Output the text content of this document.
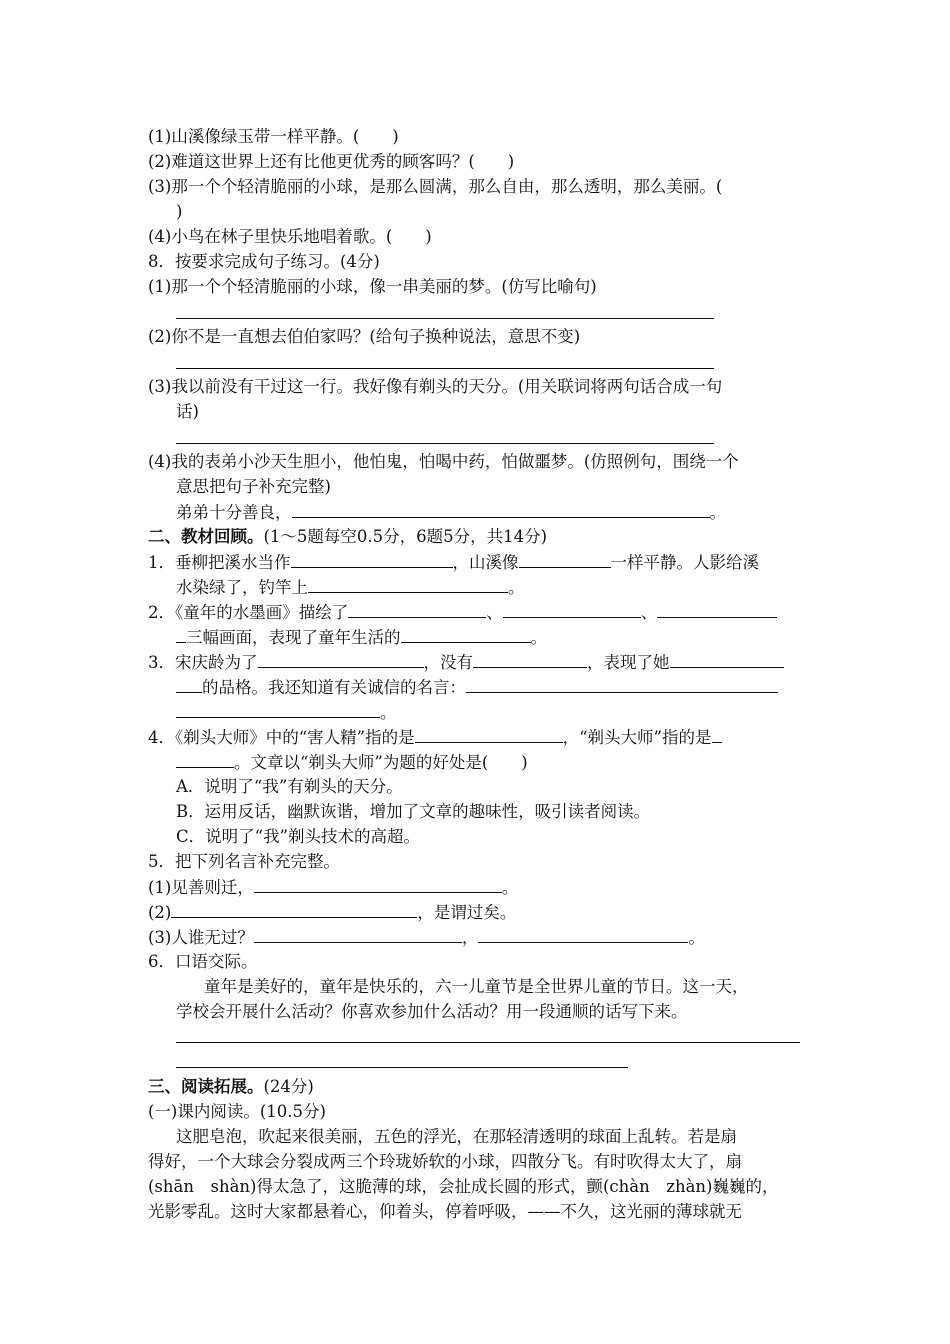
(1)山溪像绿玉带一样平静。(　　)
(2)难道这世界上还有比他更优秀的顾客吗？(　　)
(3)那一个个轻清脆丽的小球，是那么圆满，那么自由，那么透明，那么美丽。(
)
(4)小鸟在林子里快乐地唱着歌。(　　)
8．按要求完成句子练习。(4分)
(1)那一个个轻清脆丽的小球，像一串美丽的梦。(仿写比喻句)
(2)你不是一直想去伯伯家吗？(给句子换种说法，意思不变)
(3)我以前没有干过这一行。我好像有剃头的天分。(用关联词将两句话合成一句
话)
(4)我的表弟小沙天生胆小，他怕鬼，怕喝中药，怕做噩梦。(仿照例句，围绕一个
意思把句子补充完整)
弟弟十分善良，	。
二、教材回顾。(1～5题每空0.5分，6题5分，共14分)
1．垂柳把溪水当作	，山溪像	一样平静。人影给溪
水染绿了，钓竿上	。
2．《童年的水墨画》描绘了	、	、
三幅画面，表现了童年生活的	。
3．宋庆龄为了	，没有	，表现了她
的品格。我还知道有关诚信的名言：
。
4．《剃头大师》中的“害人精”指的是	，“剃头大师”指的是
。文章以“剃头大师”为题的好处是(　　)
A．说明了“我”有剃头的天分。
B．运用反话，幽默诙谐，增加了文章的趣味性，吸引读者阅读。
C．说明了“我”剃头技术的高超。
5．把下列名言补充完整。
(1)见善则迁，	。
(2)	，是谓过矣。
(3)人谁无过？	，	。
6．口语交际。
童年是美好的，童年是快乐的，六一儿童节是全世界儿童的节日。这一天，
学校会开展什么活动？你喜欢参加什么活动？用一段通顺的话写下来。
三、阅读拓展。(24分)
(一)课内阅读。(10.5分)
这肥皂泡，吹起来很美丽，五色的浮光，在那轻清透明的球面上乱转。若是扇
得好，一个大球会分裂成两三个玲珑娇软的小球，四散分飞。有时吹得太大了，扇
(shān　shàn)得太急了，这脆薄的球，会扯成长圆的形式，颤(chàn　zhàn)巍巍的，
光影零乱。这时大家都悬着心，仰着头，停着呼吸，——不久，这光丽的薄球就无
